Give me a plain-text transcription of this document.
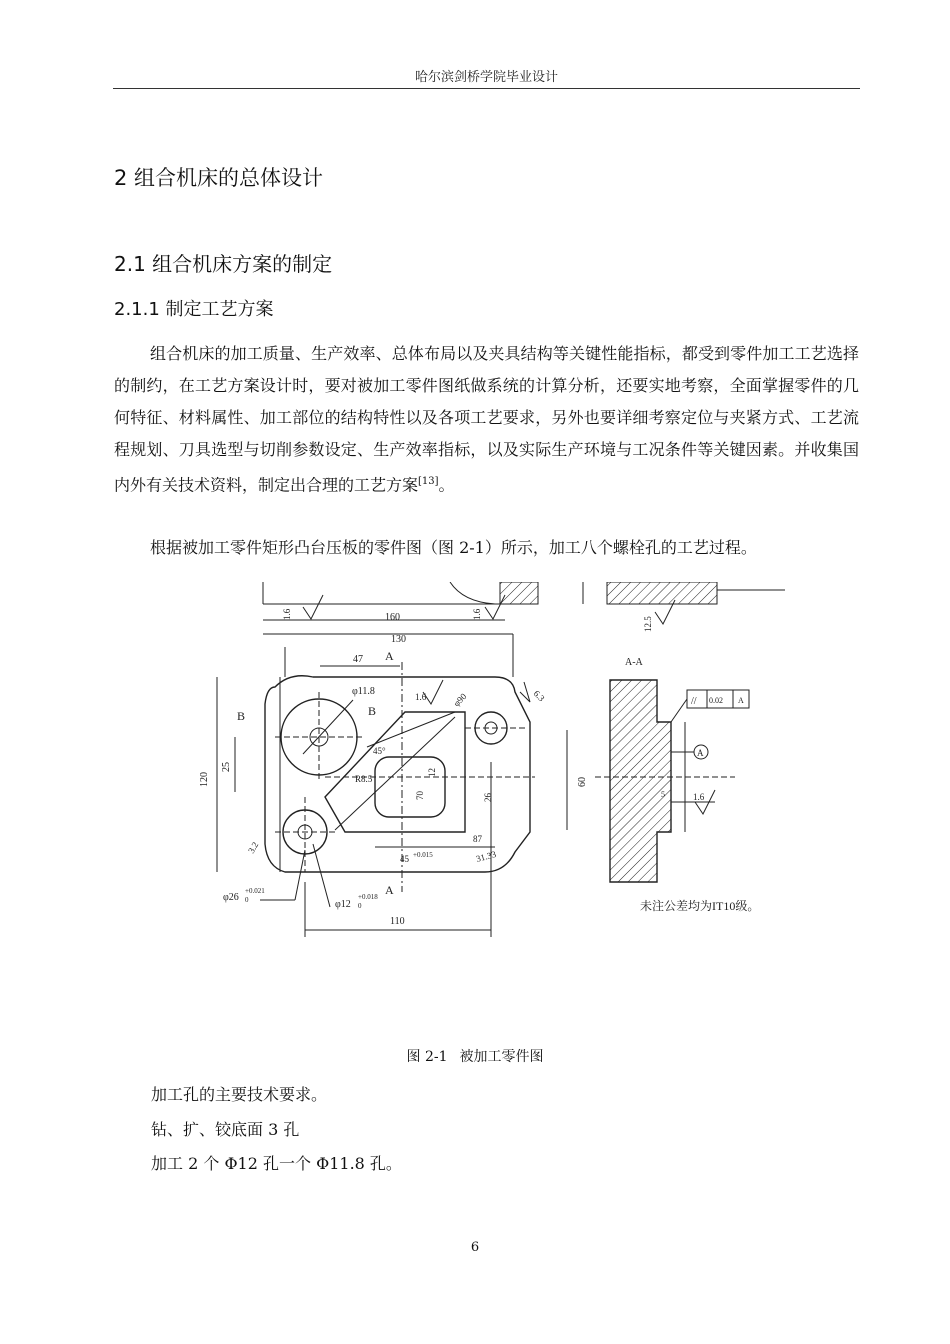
哈尔滨剑桥学院毕业设计
2 组合机床的总体设计
2.1 组合机床方案的制定
2.1.1 制定工艺方案
组合机床的加工质量、生产效率、总体布局以及夹具结构等关键性能指标，都受到零件加工工艺选择的制约，在工艺方案设计时，要对被加工零件图纸做系统的计算分析，还要实地考察，全面掌握零件的几何特征、材料属性、加工部位的结构特性以及各项工艺要求，另外也要详细考察定位与夹紧方式、工艺流程规划、刀具选型与切削参数设定、生产效率指标，以及实际生产环境与工况条件等关键因素。并收集国内外有关技术资料，制定出合理的工艺方案[13]。
根据被加工零件矩形凸台压板的零件图（图 2-1）所示，加工八个螺栓孔的工艺过程。
1.6	1.6
12.5
160
130
47 A
120
25
φ11.8
B	B
3.2
φ90	6.3
R8.5
70
12
26
45°
1.6
87
31.33
45 +0.015
A
60
φ26
+0.021
0	φ12
+0.018
0
110
A-A
// 0.02 A
A
1.6
5
未注公差均为IT10级。
图 2-1 被加工零件图
加工孔的主要技术要求。
钻、扩、铰底面 3 孔
加工 2 个 Φ12 孔一个 Φ11.8 孔。
6
